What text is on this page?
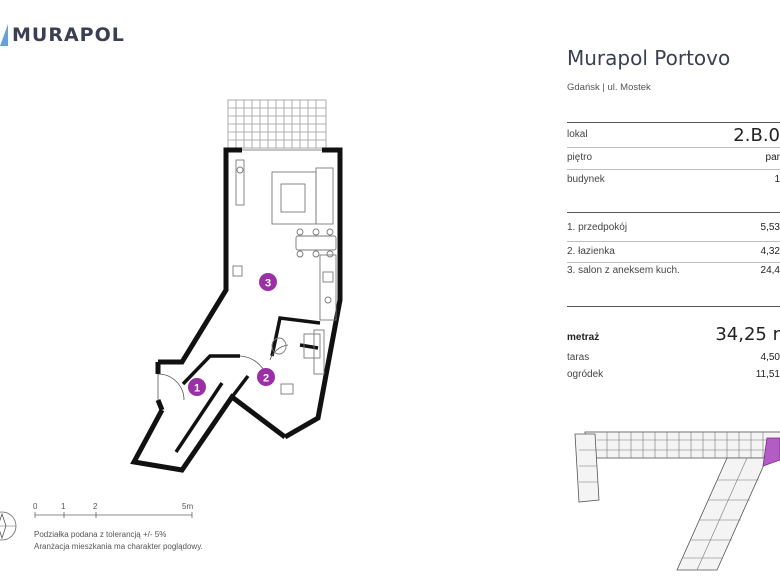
MURAPOL
3
2
1
0	1	2	5m
Podziałka podana z tolerancją +/- 5%
Aranżacja mieszkania ma charakter poglądowy.
Murapol Portovo
Gdańsk | ul. Mostek
lokal	2.B.0
piętro	par
budynek	1
1. przedpokój	5,53
2. łazienka	4,32
3. salon z aneksem kuch.	24,4
metraż	34,25 r
taras	4,50
ogródek	11,51
